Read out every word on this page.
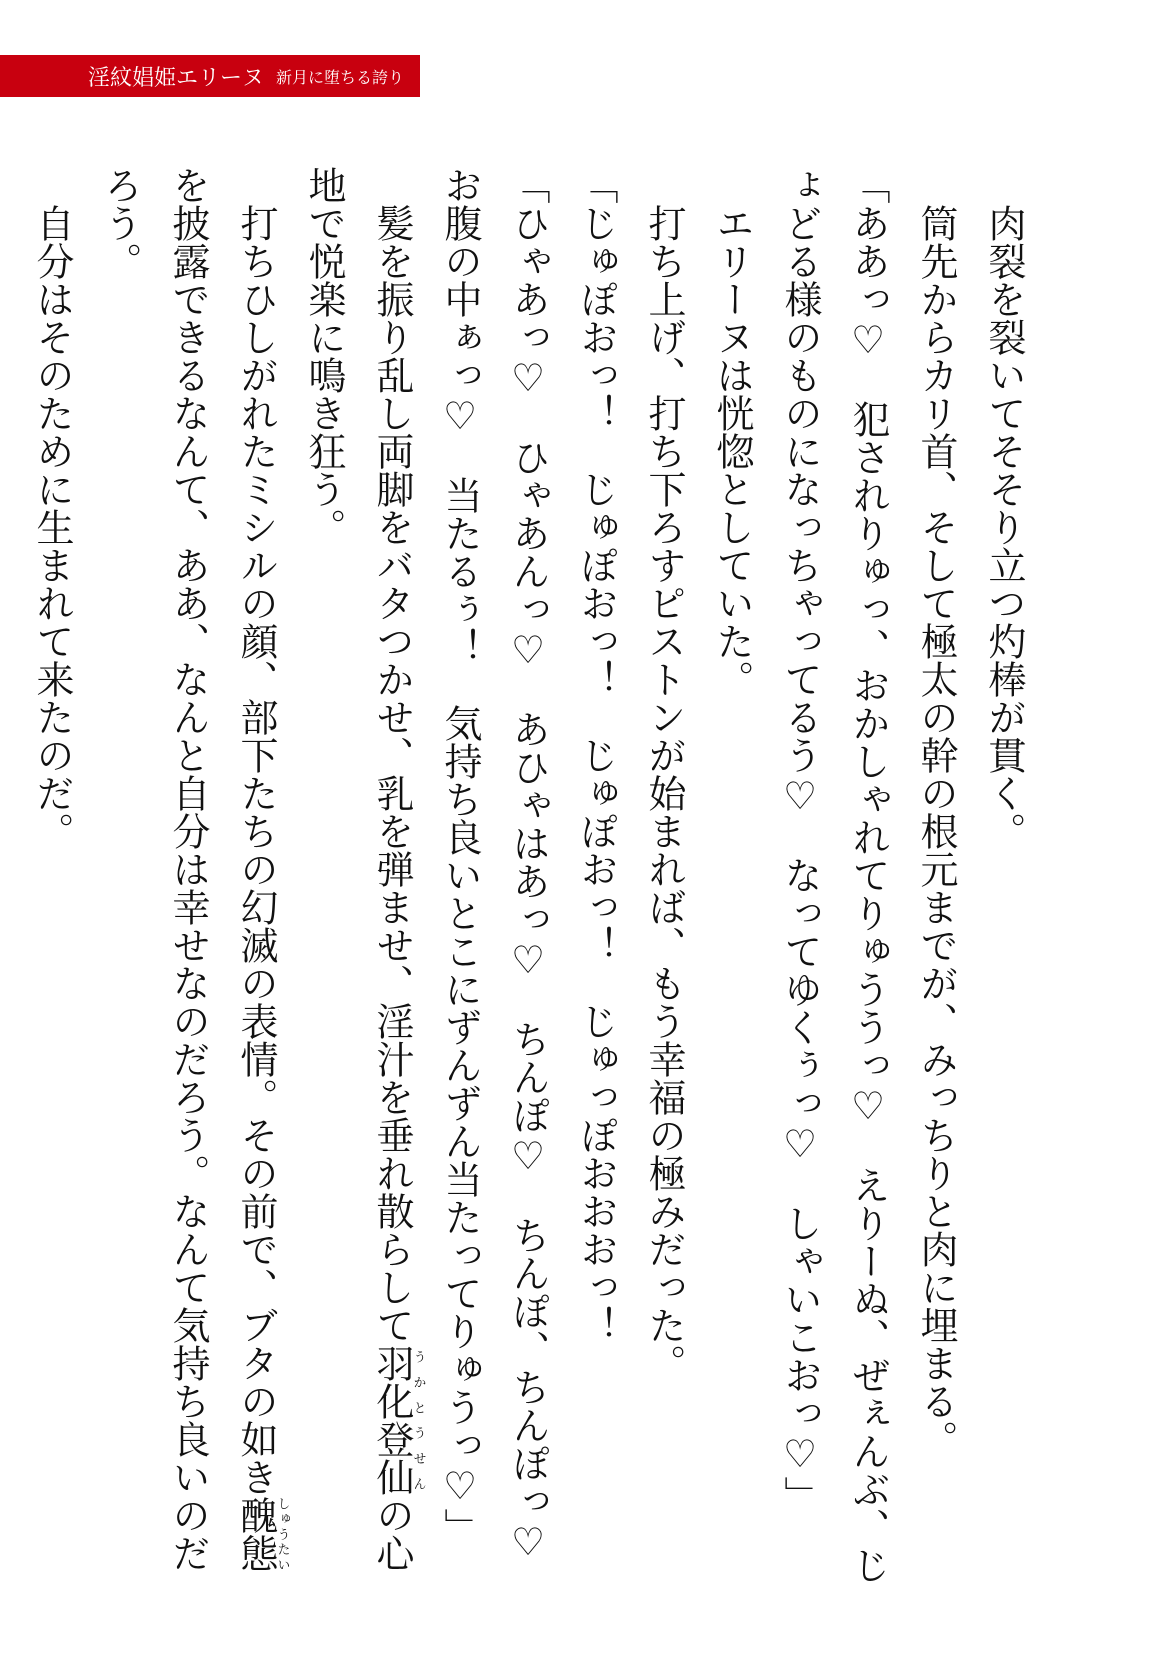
淫紋娼姫エリーヌ 新月に堕ちる誇り

肉裂を裂いてそそり立つ灼棒が貫く。

筒先からカリ首、そして極太の幹の根元までが、みっちりと肉に埋まる。

「ああっ♡　犯されりゅっ、おかしゃれてりゅううっ♡　えりーぬ、ぜぇんぶ、じょどる様のものになっちゃってるう♡　なってゆくぅっ♡　しゃいこおっ♡」

エリーヌは恍惚としていた。

打ち上げ、打ち下ろすピストンが始まれば、もう幸福の極みだった。

「じゅぽおっ！　じゅぽおっ！　じゅぽおっ！　じゅっぽおおおっ！

「ひゃあっ♡　ひゃあんっ♡　あひゃはあっ♡　ちんぽ♡　ちんぽ、ちんぽっ♡　お腹の中ぁっ♡　当たるぅ！　気持ち良いとこにずんずん当たってりゅうっ♡」

髪を振り乱し両脚をバタつかせ、乳を弾ませ、淫汁を垂れ散らして羽化登仙うかとうせんの心地で悦楽に鳴き狂う。

打ちひしがれたミシルの顔、部下たちの幻滅の表情。その前で、ブタの如き醜態しゅうたいを披露できるなんて、ああ、なんと自分は幸せなのだろう。なんて気持ち良いのだろう。

自分はそのために生まれて来たのだ。
